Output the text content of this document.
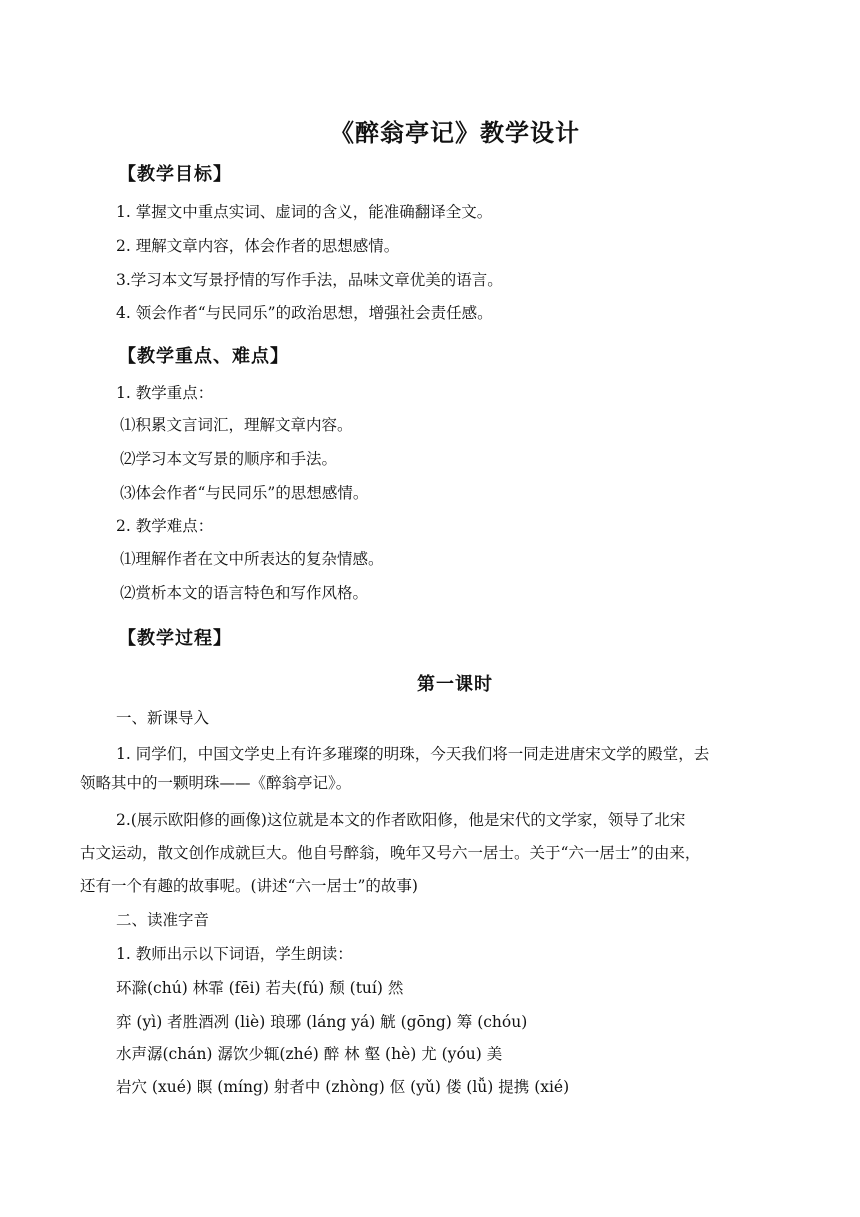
《醉翁亭记》教学设计
【教学目标】
1. 掌握文中重点实词、虚词的含义，能准确翻译全文。
2. 理解文章内容，体会作者的思想感情。
3.学习本文写景抒情的写作手法，品味文章优美的语言。
4. 领会作者“与民同乐”的政治思想，增强社会责任感。
【教学重点、难点】
1. 教学重点：
⑴积累文言词汇，理解文章内容。
⑵学习本文写景的顺序和手法。
⑶体会作者“与民同乐”的思想感情。
2. 教学难点：
⑴理解作者在文中所表达的复杂情感。
⑵赏析本文的语言特色和写作风格。
【教学过程】
第一课时
一、新课导入
1. 同学们，中国文学史上有许多璀璨的明珠，今天我们将一同走进唐宋文学的殿堂，去
领略其中的一颗明珠——《醉翁亭记》。
2.(展示欧阳修的画像)这位就是本文的作者欧阳修，他是宋代的文学家，领导了北宋
古文运动，散文创作成就巨大。他自号醉翁，晚年又号六一居士。关于“六一居士”的由来，
还有一个有趣的故事呢。(讲述“六一居士”的故事)
二、读准字音
1. 教师出示以下词语，学生朗读：
环滁(chú) 林霏 (fēi) 若夫(fú) 颓 (tuí) 然
弈 (yì) 者胜酒冽 (liè) 琅琊 (láng yá) 觥 (gōng) 筹 (chóu)
水声潺(chán) 潺饮少辄(zhé) 醉 林 壑 (hè) 尤 (yóu) 美
岩穴 (xué) 瞑 (míng) 射者中 (zhòng) 伛 (yǔ) 偻 (lǚ) 提携 (xié)
